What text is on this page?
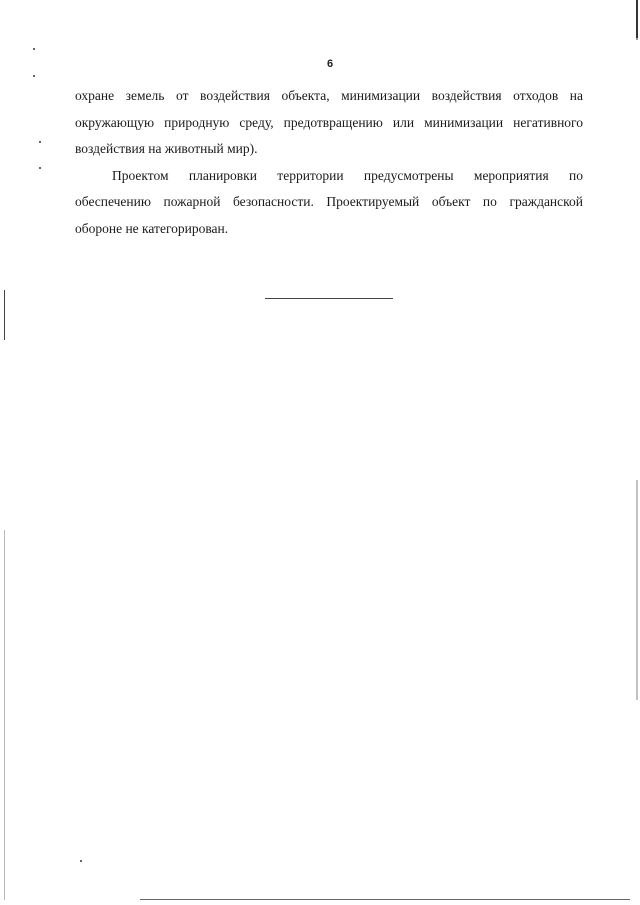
6
охране земель от воздействия объекта, минимизации воздействия отходов на
окружающую природную среду, предотвращению или минимизации негативного
воздействия на животный мир).
Проектом планировки территории предусмотрены мероприятия по
обеспечению пожарной безопасности. Проектируемый объект по гражданской
обороне не категорирован.
